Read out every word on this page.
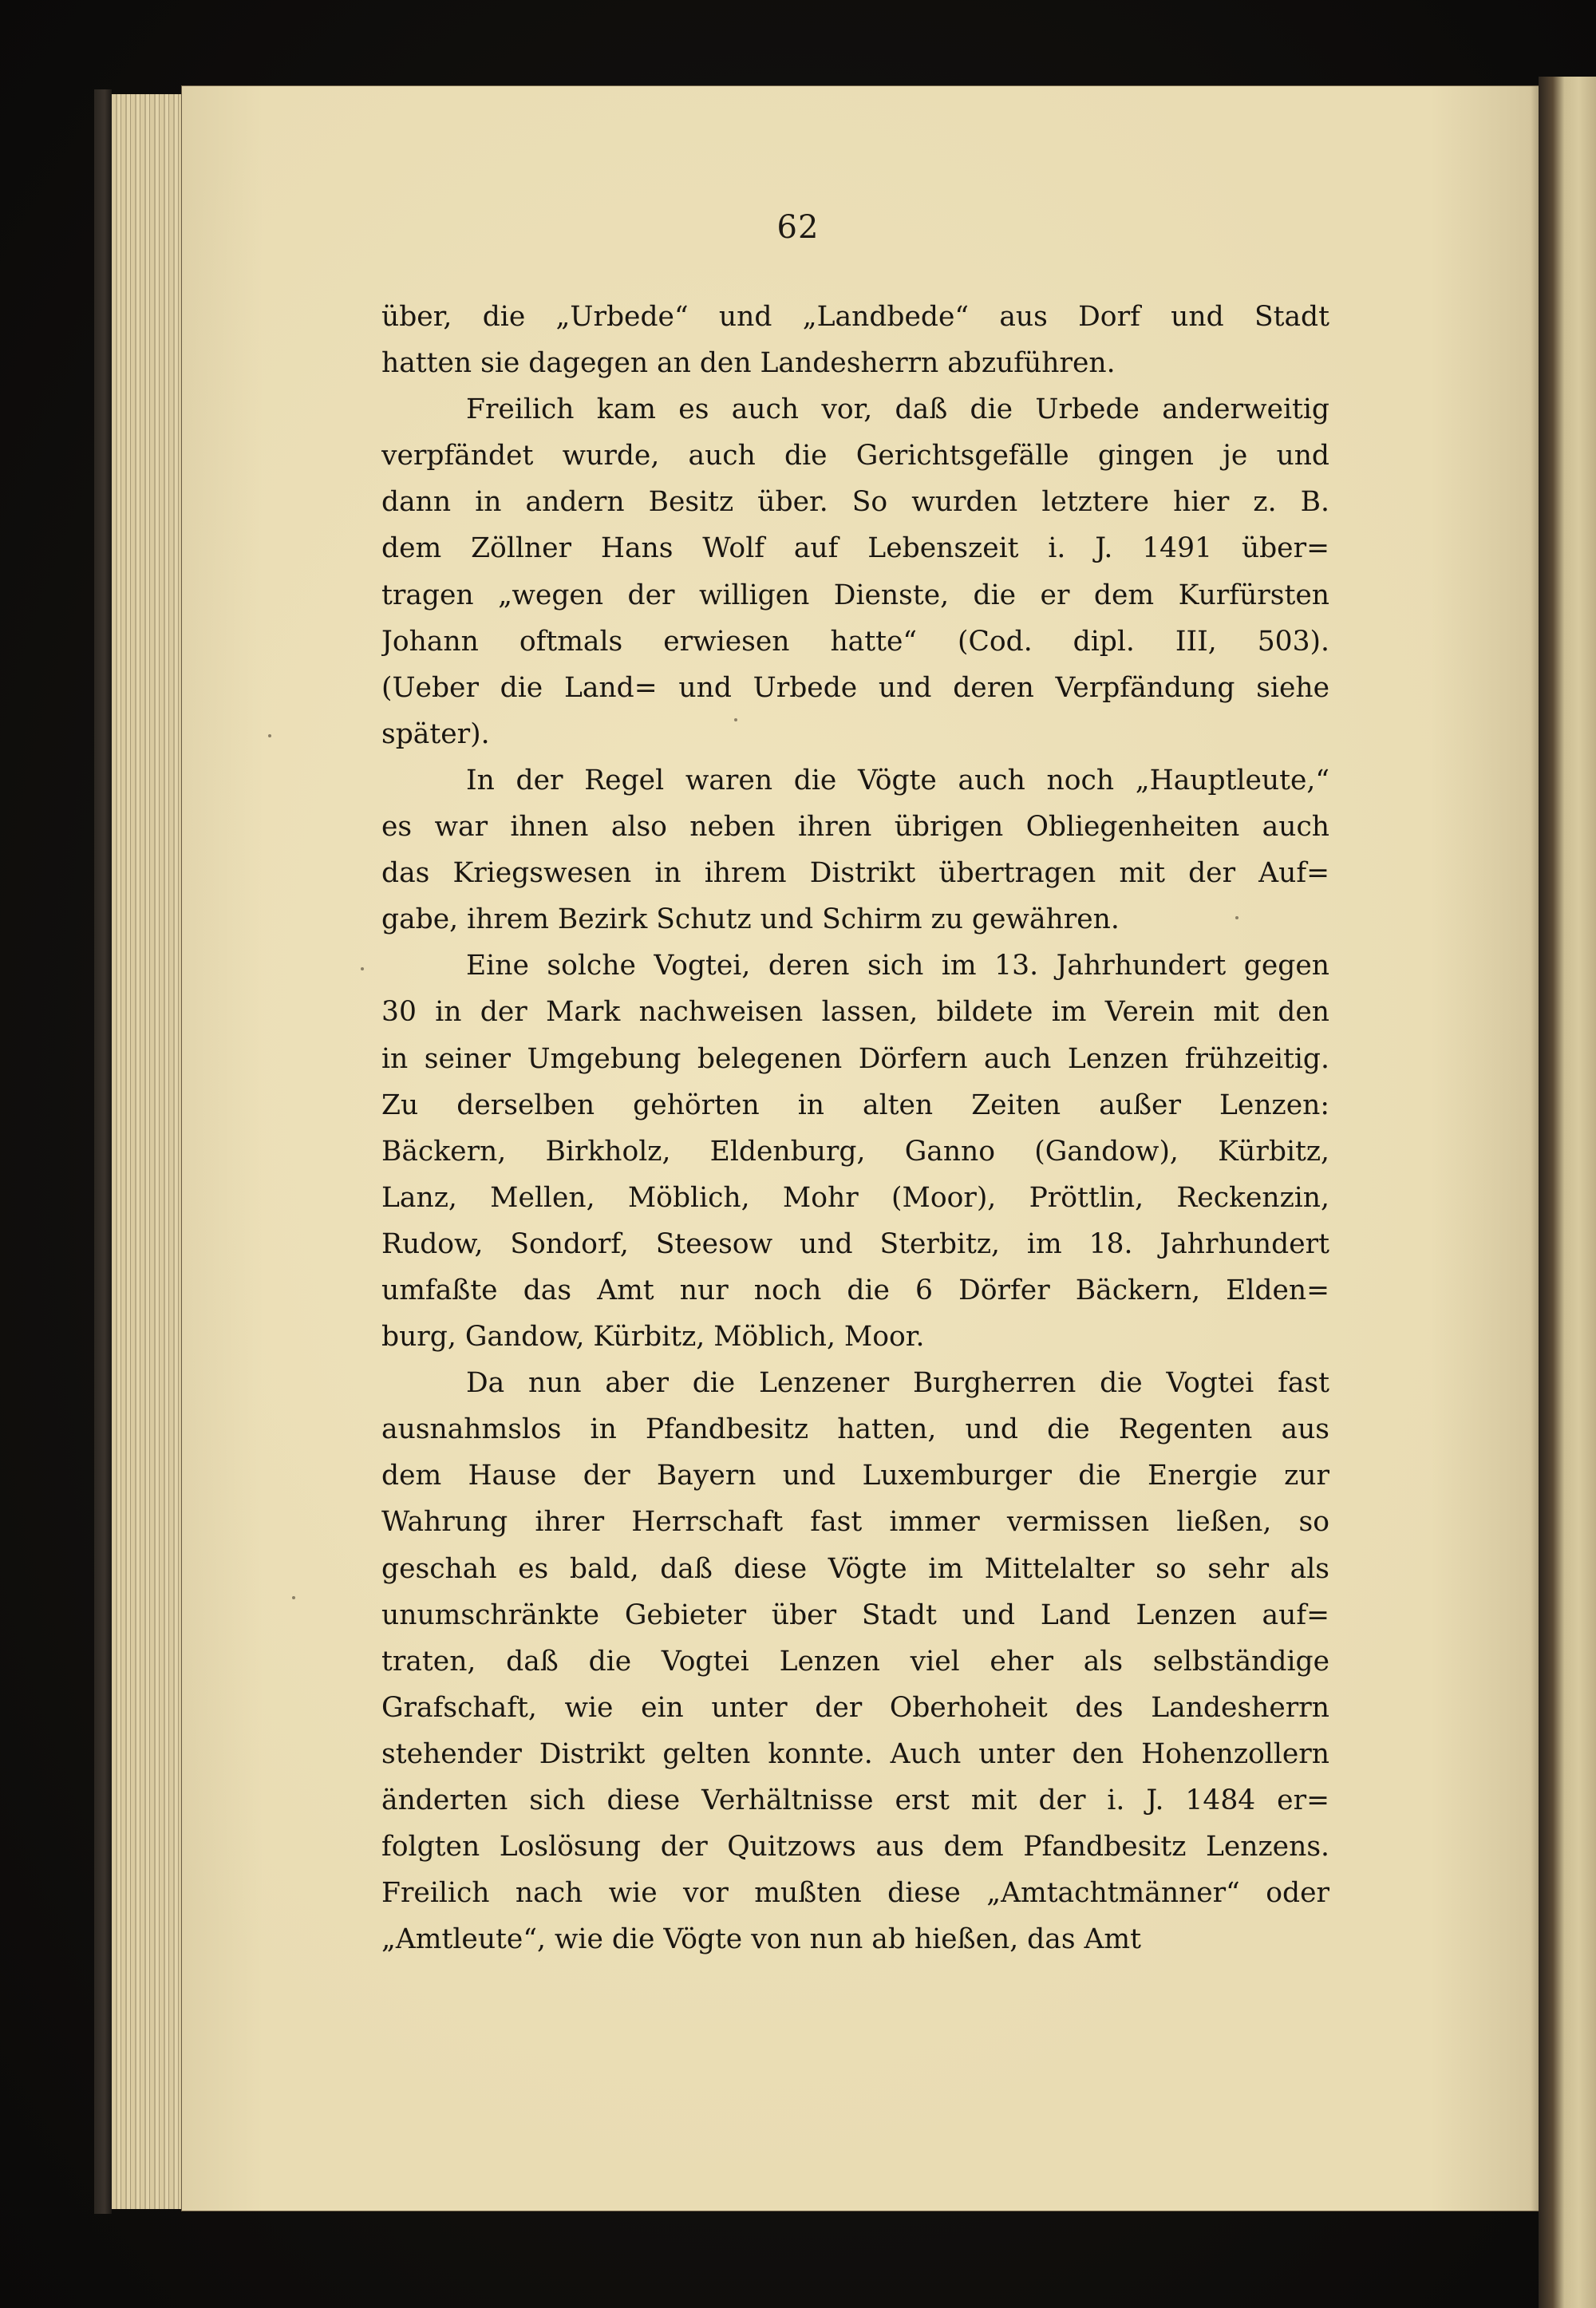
62
über, die „Urbede“ und „Landbede“ aus Dorf und Stadt
hatten sie dagegen an den Landesherrn abzuführen.
Freilich kam es auch vor, daß die Urbede anderweitig
verpfändet wurde, auch die Gerichtsgefälle gingen je und
dann in andern Besitz über. So wurden letztere hier z. B.
dem Zöllner Hans Wolf auf Lebenszeit i. J. 1491 über=
tragen „wegen der willigen Dienste, die er dem Kurfürsten
Johann oftmals erwiesen hatte“ (Cod. dipl. III, 503).
(Ueber die Land= und Urbede und deren Verpfändung siehe
später).
In der Regel waren die Vögte auch noch „Hauptleute,“
es war ihnen also neben ihren übrigen Obliegenheiten auch
das Kriegswesen in ihrem Distrikt übertragen mit der Auf=
gabe, ihrem Bezirk Schutz und Schirm zu gewähren.
Eine solche Vogtei, deren sich im 13. Jahrhundert gegen
30 in der Mark nachweisen lassen, bildete im Verein mit den
in seiner Umgebung belegenen Dörfern auch Lenzen frühzeitig.
Zu derselben gehörten in alten Zeiten außer Lenzen:
Bäckern, Birkholz, Eldenburg, Ganno (Gandow), Kürbitz,
Lanz, Mellen, Möblich, Mohr (Moor), Pröttlin, Reckenzin,
Rudow, Sondorf, Steesow und Sterbitz, im 18. Jahrhundert
umfaßte das Amt nur noch die 6 Dörfer Bäckern, Elden=
burg, Gandow, Kürbitz, Möblich, Moor.
Da nun aber die Lenzener Burgherren die Vogtei fast
ausnahmslos in Pfandbesitz hatten, und die Regenten aus
dem Hause der Bayern und Luxemburger die Energie zur
Wahrung ihrer Herrschaft fast immer vermissen ließen, so
geschah es bald, daß diese Vögte im Mittelalter so sehr als
unumschränkte Gebieter über Stadt und Land Lenzen auf=
traten, daß die Vogtei Lenzen viel eher als selbständige
Grafschaft, wie ein unter der Oberhoheit des Landesherrn
stehender Distrikt gelten konnte. Auch unter den Hohenzollern
änderten sich diese Verhältnisse erst mit der i. J. 1484 er=
folgten Loslösung der Quitzows aus dem Pfandbesitz Lenzens.
Freilich nach wie vor mußten diese „Amtachtmänner“ oder
„Amtleute“, wie die Vögte von nun ab hießen, das Amt
